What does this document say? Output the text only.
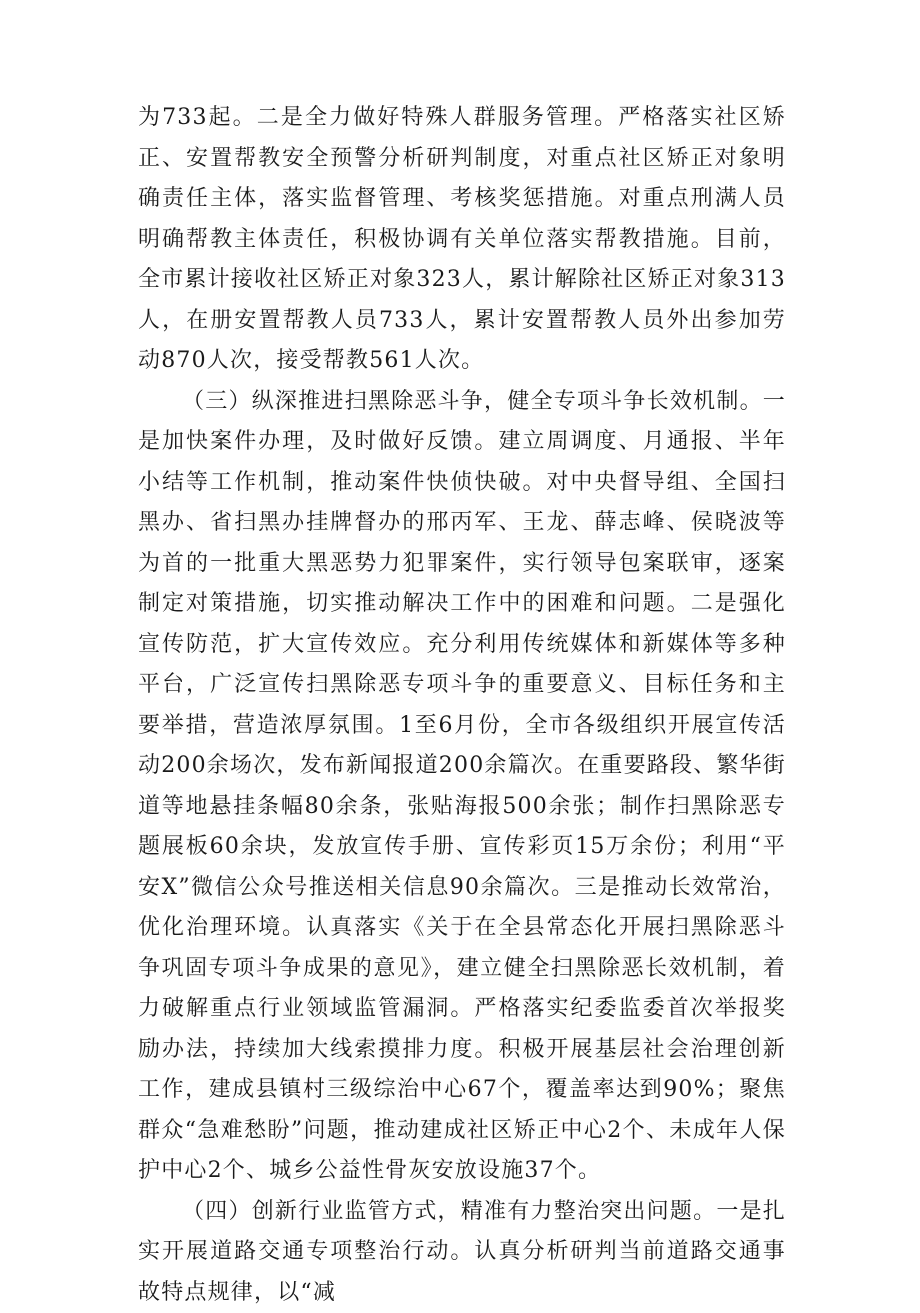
为733起。二是全力做好特殊人群服务管理。严格落实社区矫正、安置帮教安全预警分析研判制度，对重点社区矫正对象明确责任主体，落实监督管理、考核奖惩措施。对重点刑满人员明确帮教主体责任，积极协调有关单位落实帮教措施。目前，全市累计接收社区矫正对象323人，累计解除社区矫正对象313人，在册安置帮教人员733人，累计安置帮教人员外出参加劳动870人次，接受帮教561人次。

（三）纵深推进扫黑除恶斗争，健全专项斗争长效机制。一是加快案件办理，及时做好反馈。建立周调度、月通报、半年小结等工作机制，推动案件快侦快破。对中央督导组、全国扫黑办、省扫黑办挂牌督办的邢丙军、王龙、薛志峰、侯晓波等为首的一批重大黑恶势力犯罪案件，实行领导包案联审，逐案制定对策措施，切实推动解决工作中的困难和问题。二是强化宣传防范，扩大宣传效应。充分利用传统媒体和新媒体等多种平台，广泛宣传扫黑除恶专项斗争的重要意义、目标任务和主要举措，营造浓厚氛围。1至6月份，全市各级组织开展宣传活动200余场次，发布新闻报道200余篇次。在重要路段、繁华街道等地悬挂条幅80余条，张贴海报500余张；制作扫黑除恶专题展板60余块，发放宣传手册、宣传彩页15万余份；利用“平安X”微信公众号推送相关信息90余篇次。三是推动长效常治，优化治理环境。认真落实《关于在全县常态化开展扫黑除恶斗争巩固专项斗争成果的意见》，建立健全扫黑除恶长效机制，着力破解重点行业领域监管漏洞。严格落实纪委监委首次举报奖励办法，持续加大线索摸排力度。积极开展基层社会治理创新工作，建成县镇村三级综治中心67个，覆盖率达到90%；聚焦群众“急难愁盼”问题，推动建成社区矫正中心2个、未成年人保护中心2个、城乡公益性骨灰安放设施37个。

（四）创新行业监管方式，精准有力整治突出问题。一是扎实开展道路交通专项整治行动。认真分析研判当前道路交通事故特点规律，以“减
